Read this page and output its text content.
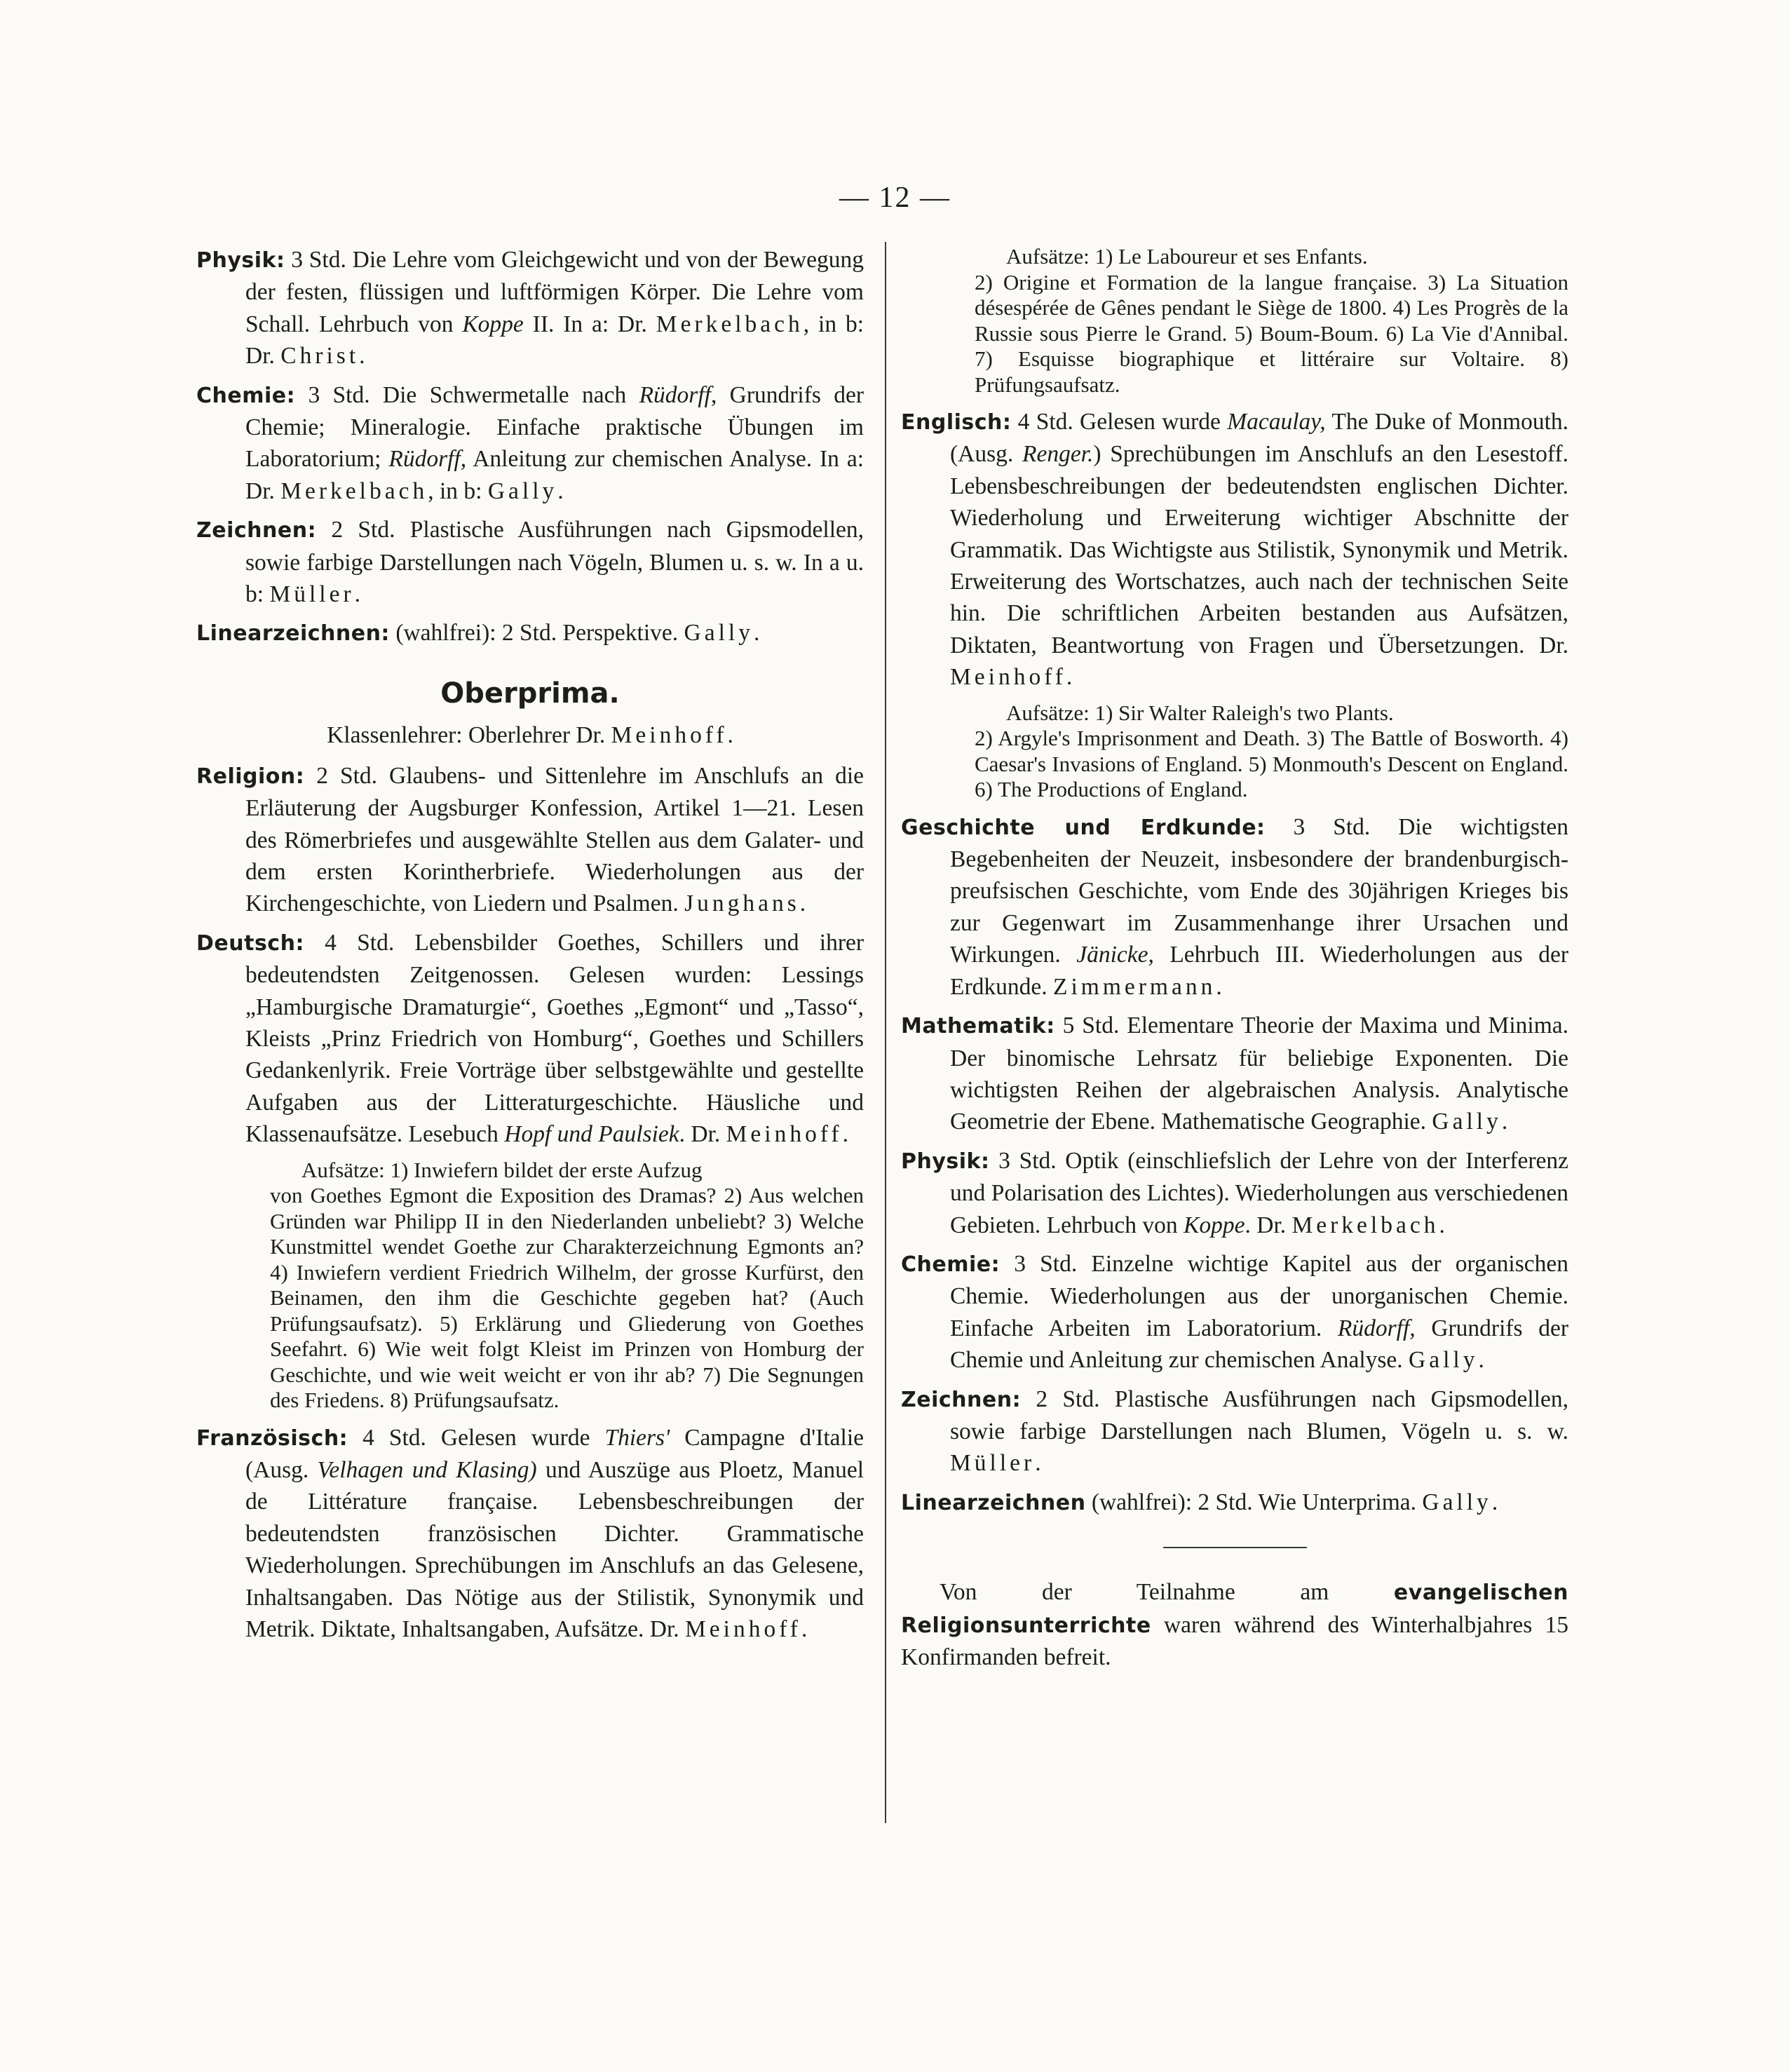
— 12 —

Physik: 3 Std. Die Lehre vom Gleichgewicht und von der Bewegung der festen, flüssigen und luftförmigen Körper. Die Lehre vom Schall. Lehrbuch von Koppe II. In a: Dr. Merkelbach, in b: Dr. Christ.

Chemie: 3 Std. Die Schwermetalle nach Rüdorff, Grundrifs der Chemie; Mineralogie. Einfache praktische Übungen im Laboratorium; Rüdorff, Anleitung zur chemischen Analyse. In a: Dr. Merkelbach, in b: Gally.

Zeichnen: 2 Std. Plastische Ausführungen nach Gipsmodellen, sowie farbige Darstellungen nach Vögeln, Blumen u. s. w. In a u. b: Müller.

Linearzeichnen: (wahlfrei): 2 Std. Perspektive. Gally.

Oberprima.

Klassenlehrer: Oberlehrer Dr. Meinhoff.

Religion: 2 Std. Glaubens- und Sittenlehre im Anschlufs an die Erläuterung der Augsburger Konfession, Artikel 1—21. Lesen des Römerbriefes und ausgewählte Stellen aus dem Galater- und dem ersten Korintherbriefe. Wiederholungen aus der Kirchengeschichte, von Liedern und Psalmen. Junghans.

Deutsch: 4 Std. Lebensbilder Goethes, Schillers und ihrer bedeutendsten Zeitgenossen. Gelesen wurden: Lessings „Hamburgische Dramaturgie“, Goethes „Egmont“ und „Tasso“, Kleists „Prinz Friedrich von Homburg“, Goethes und Schillers Gedankenlyrik. Freie Vorträge über selbstgewählte und gestellte Aufgaben aus der Litteraturgeschichte. Häusliche und Klassenaufsätze. Lesebuch Hopf und Paulsiek. Dr. Meinhoff.

Aufsätze: 1) Inwiefern bildet der erste Aufzug
von Goethes Egmont die Exposition des Dramas? 2) Aus welchen Gründen war Philipp II in den Niederlanden unbeliebt? 3) Welche Kunstmittel wendet Goethe zur Charakterzeichnung Egmonts an? 4) Inwiefern verdient Friedrich Wilhelm, der grosse Kurfürst, den Beinamen, den ihm die Geschichte gegeben hat? (Auch Prüfungsaufsatz). 5) Erklärung und Gliederung von Goethes Seefahrt. 6) Wie weit folgt Kleist im Prinzen von Homburg der Geschichte, und wie weit weicht er von ihr ab? 7) Die Segnungen des Friedens. 8) Prüfungsaufsatz.

Französisch: 4 Std. Gelesen wurde Thiers' Campagne d'Italie (Ausg. Velhagen und Klasing) und Auszüge aus Ploetz, Manuel de Littérature française. Lebensbeschreibungen der bedeutendsten französischen Dichter. Grammatische Wiederholungen. Sprechübungen im Anschlufs an das Gelesene, Inhaltsangaben. Das Nötige aus der Stilistik, Synonymik und Metrik. Diktate, Inhaltsangaben, Aufsätze. Dr. Meinhoff.

Aufsätze: 1) Le Laboureur et ses Enfants.
2) Origine et Formation de la langue française. 3) La Situation désespérée de Gênes pendant le Siège de 1800. 4) Les Progrès de la Russie sous Pierre le Grand. 5) Boum-Boum. 6) La Vie d'Annibal. 7) Esquisse biographique et littéraire sur Voltaire. 8) Prüfungsaufsatz.

Englisch: 4 Std. Gelesen wurde Macaulay, The Duke of Monmouth. (Ausg. Renger.) Sprechübungen im Anschlufs an den Lesestoff. Lebensbeschreibungen der bedeutendsten englischen Dichter. Wiederholung und Erweiterung wichtiger Abschnitte der Grammatik. Das Wichtigste aus Stilistik, Synonymik und Metrik. Erweiterung des Wortschatzes, auch nach der technischen Seite hin. Die schriftlichen Arbeiten bestanden aus Aufsätzen, Diktaten, Beantwortung von Fragen und Übersetzungen. Dr. Meinhoff.

Aufsätze: 1) Sir Walter Raleigh's two Plants.
2) Argyle's Imprisonment and Death. 3) The Battle of Bosworth. 4) Caesar's Invasions of England. 5) Monmouth's Descent on England. 6) The Productions of England.

Geschichte und Erdkunde: 3 Std. Die wichtigsten Begebenheiten der Neuzeit, insbesondere der brandenburgisch-preufsischen Geschichte, vom Ende des 30jährigen Krieges bis zur Gegenwart im Zusammenhange ihrer Ursachen und Wirkungen. Jänicke, Lehrbuch III. Wiederholungen aus der Erdkunde. Zimmermann.

Mathematik: 5 Std. Elementare Theorie der Maxima und Minima. Der binomische Lehrsatz für beliebige Exponenten. Die wichtigsten Reihen der algebraischen Analysis. Analytische Geometrie der Ebene. Mathematische Geographie. Gally.

Physik: 3 Std. Optik (einschliefslich der Lehre von der Interferenz und Polarisation des Lichtes). Wiederholungen aus verschiedenen Gebieten. Lehrbuch von Koppe. Dr. Merkelbach.

Chemie: 3 Std. Einzelne wichtige Kapitel aus der organischen Chemie. Wiederholungen aus der unorganischen Chemie. Einfache Arbeiten im Laboratorium. Rüdorff, Grundrifs der Chemie und Anleitung zur chemischen Analyse. Gally.

Zeichnen: 2 Std. Plastische Ausführungen nach Gipsmodellen, sowie farbige Darstellungen nach Blumen, Vögeln u. s. w. Müller.

Linearzeichnen (wahlfrei): 2 Std. Wie Unterprima. Gally.

Von der Teilnahme am	evangelischen Religionsunterrichte waren während des Winterhalbjahres 15 Konfirmanden befreit.
